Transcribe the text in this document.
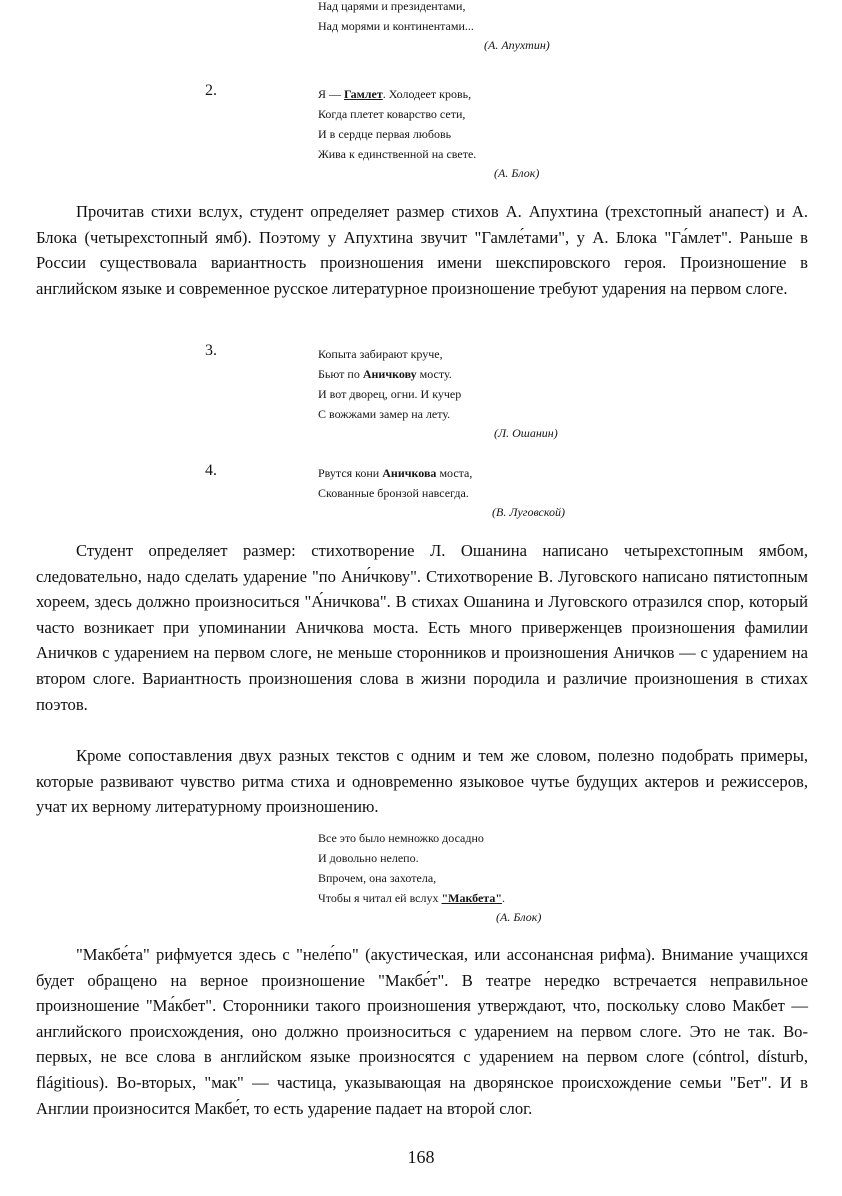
Над царями и президентами,
Над морями и континентами...
(А. Апухтин)
2.	Я — Гамлет. Холодеет кровь,
Когда плетет коварство сети,
И в сердце первая любовь
Жива к единственной на свете.
(А. Блок)

Прочитав стихи вслух, студент определяет размер стихов А. Апухтина (трехстопный анапест) и А. Блока (четырехстопный ямб). Поэтому у Апухтина звучит "Гамле́тами", у А. Блока "Га́млет". Раньше в России существовала вариантность произношения имени шекспировского героя. Произношение в английском языке и современное русское литературное произношение требуют ударения на первом слоге.

3.	Копыта забирают круче,
Бьют по Аничкову мосту.
И вот дворец, огни. И кучер
С вожжами замер на лету.
(Л. Ошанин)
4.	Рвутся кони Аничкова моста,
Скованные бронзой навсегда.
(В. Луговской)

Студент определяет размер: стихотворение Л. Ошанина написано четырехстопным ямбом, следовательно, надо сделать ударение "по Ани́чкову". Стихотворение В. Луговского написано пятистопным хореем, здесь должно произноситься "А́ничкова". В стихах Ошанина и Луговского отразился спор, который часто возникает при упоминании Аничкова моста. Есть много приверженцев произношения фамилии Аничков с ударением на первом слоге, не меньше сторонников и произношения Аничков — с ударением на втором слоге. Вариантность произношения слова в жизни породила и различие произношения в стихах поэтов.

Кроме сопоставления двух разных текстов с одним и тем же словом, полезно подобрать примеры, которые развивают чувство ритма стиха и одновременно языковое чутье будущих актеров и режиссеров, учат их верному литературному произношению.

Все это было немножко досадно
И довольно нелепо.
Впрочем, она захотела,
Чтобы я читал ей вслух "Макбета".
(А. Блок)

"Макбе́та" рифмуется здесь с "неле́по" (акустическая, или ассонансная рифма). Внимание учащихся будет обращено на верное произношение "Макбе́т". В театре нередко встречается неправильное произношение "Ма́кбет". Сторонники такого произношения утверждают, что, поскольку слово Макбет — английского происхождения, оно должно произноситься с ударением на первом слоге. Это не так. Во-первых, не все слова в английском языке произносятся с ударением на первом слоге (cóntrol, dísturb, flágitious). Во-вторых, "мак" — частица, указывающая на дворянское происхождение семьи "Бет". И в Англии произносится Макбе́т, то есть ударение падает на второй слог.

168
